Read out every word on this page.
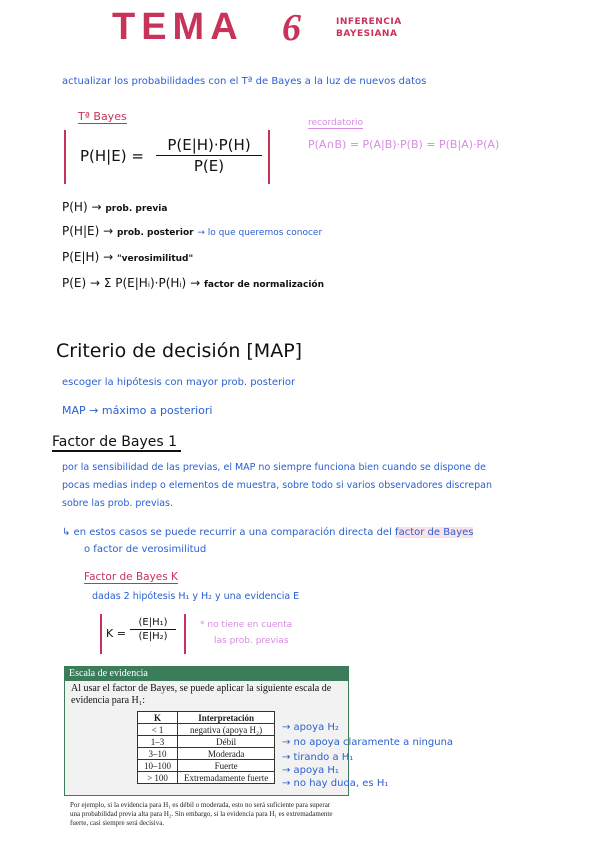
TEMA 6	INFERENCIA
BAYESIANA
actualizar los probabilidades con el Tª de Bayes a la luz de nuevos datos
Tª Bayes
$P(H|E) = \frac{P(E|H)\cdot P(H)}{P(E)}$
recordatorio
P(A∩B) = P(A|B)·P(B) = P(B|A)·P(A)
P(H) → prob. previa
P(H|E) → prob. posterior → lo que queremos conocer
P(E|H) → "verosimilitud"
P(E) → Σ P(E|Hᵢ)·P(Hᵢ) → factor de normalización
Criterio de decisión [MAP]
escoger la hipótesis con mayor prob. posterior
MAP → máximo a posteriori
Factor de Bayes 1
por la sensibilidad de las previas, el MAP no siempre funciona bien cuando se dispone de
pocas medias indep o elementos de muestra, sobre todo si varios observadores discrepan
sobre las prob. previas.
↳ en estos casos se puede recurrir a una comparación directa del factor de Bayes
o factor de verosimilitud
Factor de Bayes K
dadas 2 hipótesis H₁ y H₂ y una evidencia E
$K = \frac{\text{(E|H₁)}}{\text{(E|H₂)}}$	* no tiene en cuenta
las prob. previas
Escala de evidencia
Al usar el factor de Bayes, se puede aplicar la siguiente escala de
evidencia para H₁:
K	Interpretación
< 1	negativa (apoya H₂)
1–3	Débil
3–10	Moderada
10–100	Fuerte
> 100	Extremadamente fuerte
→ apoya H₂
→ no apoya claramente a ninguna
→ tirando a H₁
→ apoya H₁
→ no hay duda, es H₁
Por ejemplo, si la evidencia para H₁ es débil o moderada, esto no será suficiente para superar
una probabilidad previa alta para H₂. Sin embargo, si la evidencia para H₁ es extremadamente
fuerte, casi siempre será decisiva.
